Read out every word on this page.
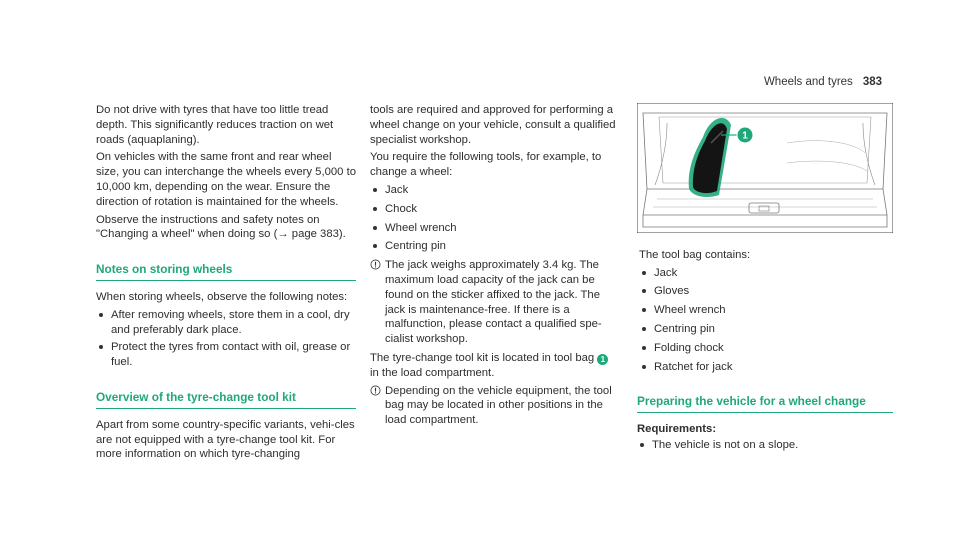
Wheels and tyres 383

Do not drive with tyres that have too little tread depth. This significantly reduces traction on wet roads (aquaplaning).

On vehicles with the same front and rear wheel size, you can interchange the wheels every 5,000 to 10,000 km, depending on the wear. Ensure the direction of rotation is maintained for the wheels.

Observe the instructions and safety notes on "Changing a wheel" when doing so (→ page 383).

Notes on storing wheels

When storing wheels, observe the following notes:

After removing wheels, store them in a cool, dry and preferably dark place.
Protect the tyres from contact with oil, grease or fuel.
Overview of the tyre-change tool kit

Apart from some country-specific variants, vehi-cles are not equipped with a tyre-change tool kit. For more information on which tyre-changing

tools are required and approved for performing a wheel change on your vehicle, consult a qualified specialist workshop.

You require the following tools, for example, to change a wheel:

Jack
Chock
Wheel wrench
Centring pin
The jack weighs approximately 3.4 kg. The maximum load capacity of the jack can be found on the sticker affixed to the jack. The jack is maintenance-free. If there is a malfunction, please contact a qualified spe-cialist workshop.

The tyre-change tool kit is located in tool bag 1 in the load compartment.

Depending on the vehicle equipment, the tool bag may be located in other positions in the load compartment.
1

The tool bag contains:

Jack
Gloves
Wheel wrench
Centring pin
Folding chock
Ratchet for jack
Preparing the vehicle for a wheel change

Requirements:

The vehicle is not on a slope.
